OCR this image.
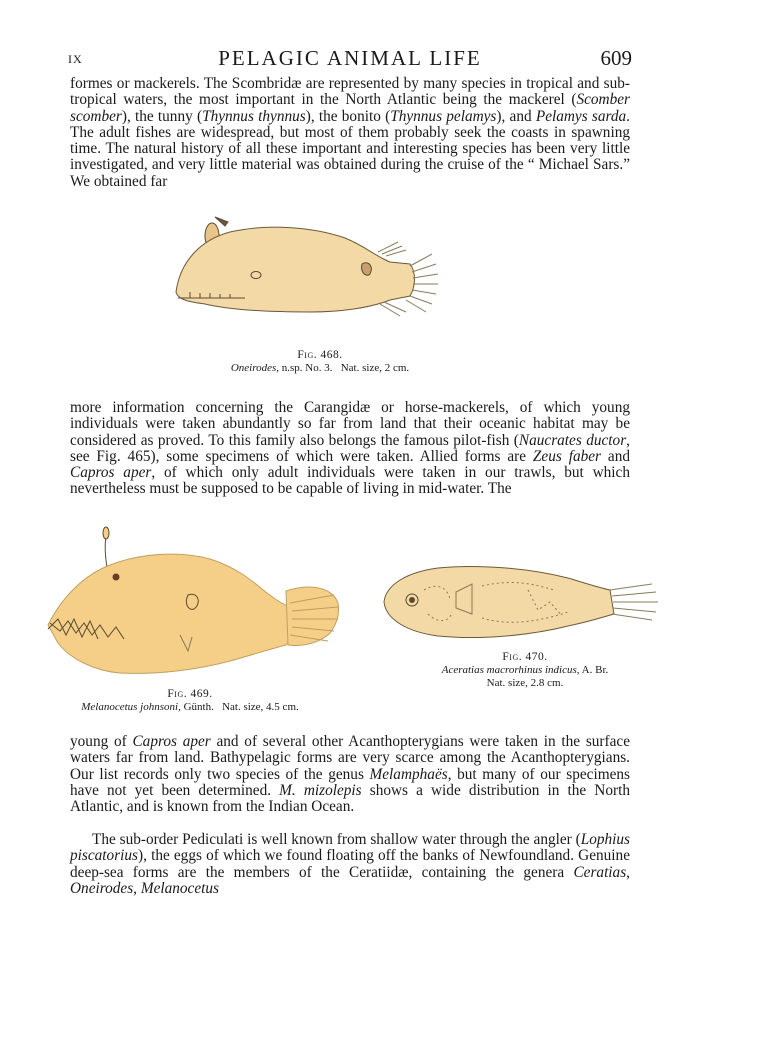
IX	PELAGIC ANIMAL LIFE	609

formes or mackerels. The Scombridæ are represented by many species in tropical and sub-tropical waters, the most important in the North Atlantic being the mackerel (Scomber scomber), the tunny (Thynnus thynnus), the bonito (Thynnus pelamys), and Pelamys sarda. The adult fishes are widespread, but most of them probably seek the coasts in spawning time. The natural history of all these important and interesting species has been very little investigated, and very little material was obtained during the cruise of the “ Michael Sars.” We obtained far

Fig. 468.
Oneirodes, n.sp. No. 3.   Nat. size, 2 cm.

more information concerning the Carangidæ or horse-mackerels, of which young individuals were taken abundantly so far from land that their oceanic habitat may be considered as proved. To this family also belongs the famous pilot-fish (Naucrates ductor, see Fig. 465), some specimens of which were taken. Allied forms are Zeus faber and Capros aper, of which only adult individuals were taken in our trawls, but which nevertheless must be supposed to be capable of living in mid-water. The

Fig. 469.
Melanocetus johnsoni, Günth.   Nat. size, 4.5 cm.
Fig. 470.
Aceratias macrorhinus indicus, A. Br.
Nat. size, 2.8 cm.

young of Capros aper and of several other Acanthopterygians were taken in the surface waters far from land. Bathypelagic forms are very scarce among the Acanthopterygians. Our list records only two species of the genus Melamphaës, but many of our specimens have not yet been determined. M. mizolepis shows a wide distribution in the North Atlantic, and is known from the Indian Ocean.

The sub-order Pediculati is well known from shallow water through the angler (Lophius piscatorius), the eggs of which we found floating off the banks of Newfoundland. Genuine deep-sea forms are the members of the Ceratiidæ, containing the genera Ceratias, Oneirodes, Melanocetus
